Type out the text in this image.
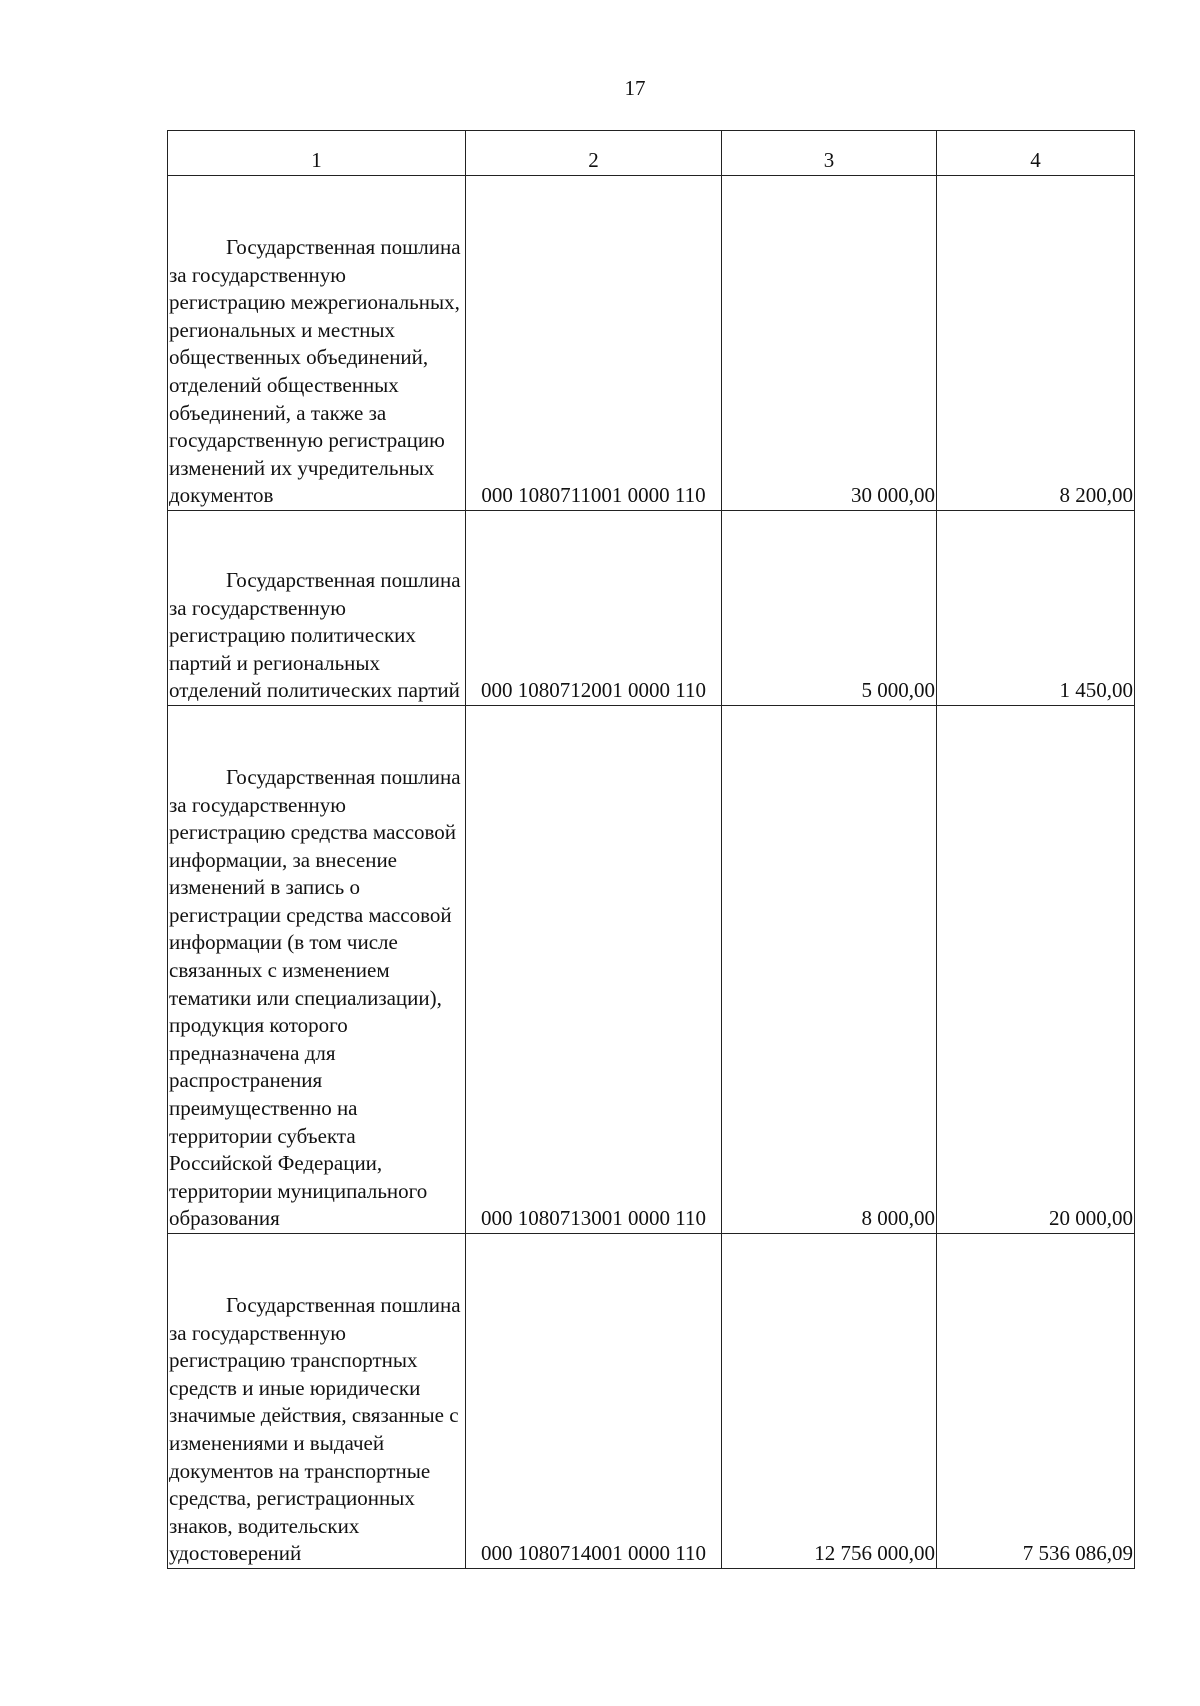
17
1	2	3	4
Государственная пошлина за государственную регистрацию межрегиональных, региональных и местных общественных объединений, отделений общественных объединений, а также за государственную регистрацию изменений их учредительных документов	000 1080711001 0000 110	30 000,00	8 200,00
Государственная пошлина за государственную регистрацию политических партий и региональных отделений политических партий	000 1080712001 0000 110	5 000,00	1 450,00
Государственная пошлина за государственную регистрацию средства массовой информации, за внесение изменений в запись о регистрации средства массовой информации (в том числе связанных с изменением тематики или специализации), продукция которого предназначена для распространения преимущественно на территории субъекта Российской Федерации, территории муниципального образования	000 1080713001 0000 110	8 000,00	20 000,00
Государственная пошлина за государственную регистрацию транспортных средств и иные юридически значимые действия, связанные с изменениями и выдачей документов на транспортные средства, регистрационных знаков, водительских удостоверений	000 1080714001 0000 110	12 756 000,00	7 536 086,09
